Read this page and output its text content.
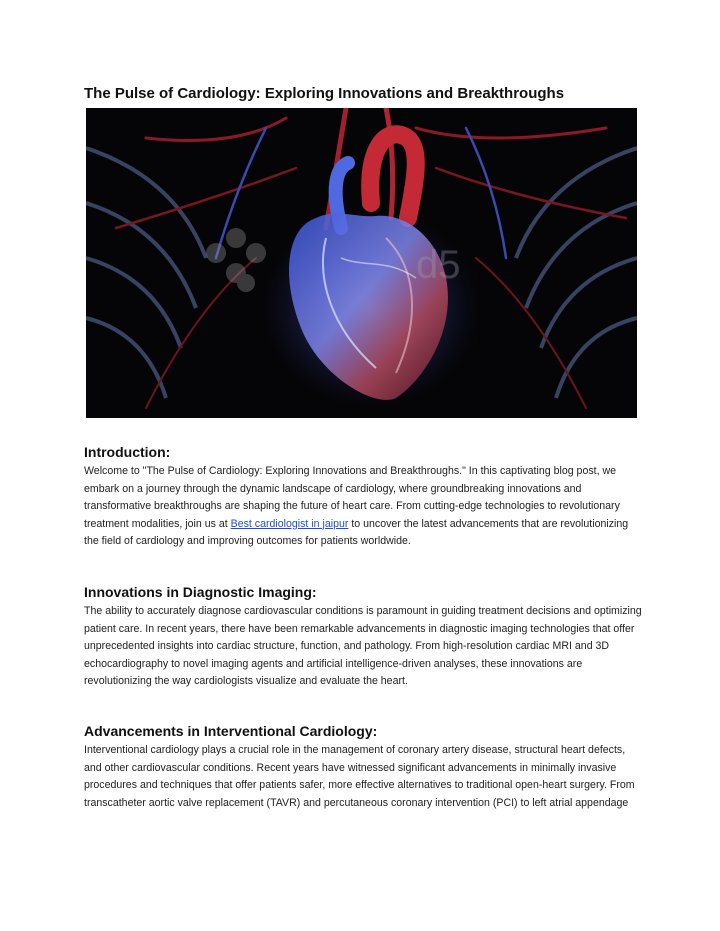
The Pulse of Cardiology: Exploring Innovations and Breakthroughs
d5
Introduction:

Welcome to "The Pulse of Cardiology: Exploring Innovations and Breakthroughs." In this captivating blog post, we embark on a journey through the dynamic landscape of cardiology, where groundbreaking innovations and transformative breakthroughs are shaping the future of heart care. From cutting-edge technologies to revolutionary treatment modalities, join us at Best cardiologist in jaipur to uncover the latest advancements that are revolutionizing the field of cardiology and improving outcomes for patients worldwide.

Innovations in Diagnostic Imaging:

The ability to accurately diagnose cardiovascular conditions is paramount in guiding treatment decisions and optimizing patient care. In recent years, there have been remarkable advancements in diagnostic imaging technologies that offer unprecedented insights into cardiac structure, function, and pathology. From high-resolution cardiac MRI and 3D echocardiography to novel imaging agents and artificial intelligence-driven analyses, these innovations are revolutionizing the way cardiologists visualize and evaluate the heart.

Advancements in Interventional Cardiology:

Interventional cardiology plays a crucial role in the management of coronary artery disease, structural heart defects, and other cardiovascular conditions. Recent years have witnessed significant advancements in minimally invasive procedures and techniques that offer patients safer, more effective alternatives to traditional open-heart surgery. From transcatheter aortic valve replacement (TAVR) and percutaneous coronary intervention (PCI) to left atrial appendage
